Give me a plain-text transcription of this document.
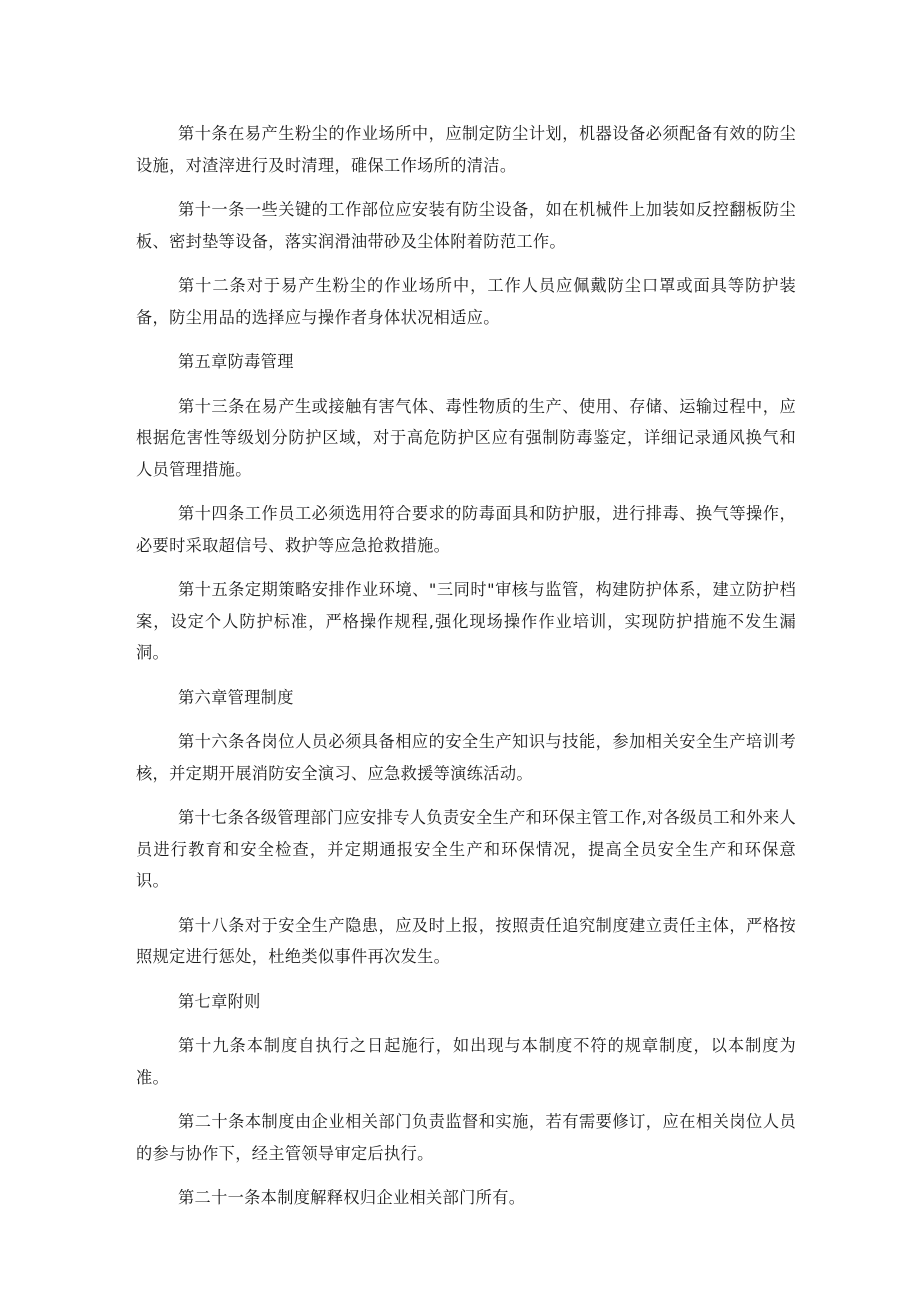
第十条在易产生粉尘的作业场所中，应制定防尘计划，机器设备必须配备有效的防尘设施，对渣滓进行及时清理，碓保工作场所的清洁。

第十一条一些关键的工作部位应安装有防尘设备，如在机械件上加装如反控翻板防尘板、密封垫等设备，落实润滑油带砂及尘体附着防范工作。

第十二条对于易产生粉尘的作业场所中，工作人员应佩戴防尘口罩或面具等防护装备，防尘用品的选择应与操作者身体状况相适应。

第五章防毒管理

第十三条在易产生或接触有害气体、毒性物质的生产、使用、存储、运输过程中，应根据危害性等级划分防护区域，对于高危防护区应有强制防毒鉴定，详细记录通风换气和人员管理措施。

第十四条工作员工必须选用符合要求的防毒面具和防护服，进行排毒、换气等操作，必要时采取超信号、救护等应急抢救措施。

第十五条定期策略安排作业环境、"三同时"审核与监管，构建防护体系，建立防护档案，设定个人防护标准，严格操作规程,强化现场操作作业培训，实现防护措施不发生漏洞。

第六章管理制度

第十六条各岗位人员必须具备相应的安全生产知识与技能，参加相关安全生产培训考核，并定期开展消防安全演习、应急救援等演练活动。

第十七条各级管理部门应安排专人负责安全生产和环保主管工作,对各级员工和外来人员进行教育和安全检查，并定期通报安全生产和环保情况，提高全员安全生产和环保意识。

第十八条对于安全生产隐患，应及时上报，按照责任追究制度建立责任主体，严格按照规定进行惩处，杜绝类似事件再次发生。

第七章附则

第十九条本制度自执行之日起施行，如出现与本制度不符的规章制度，以本制度为准。

第二十条本制度由企业相关部门负责监督和实施，若有需要修订，应在相关岗位人员的参与协作下，经主管领导审定后执行。

第二十一条本制度解释权归企业相关部门所有。
